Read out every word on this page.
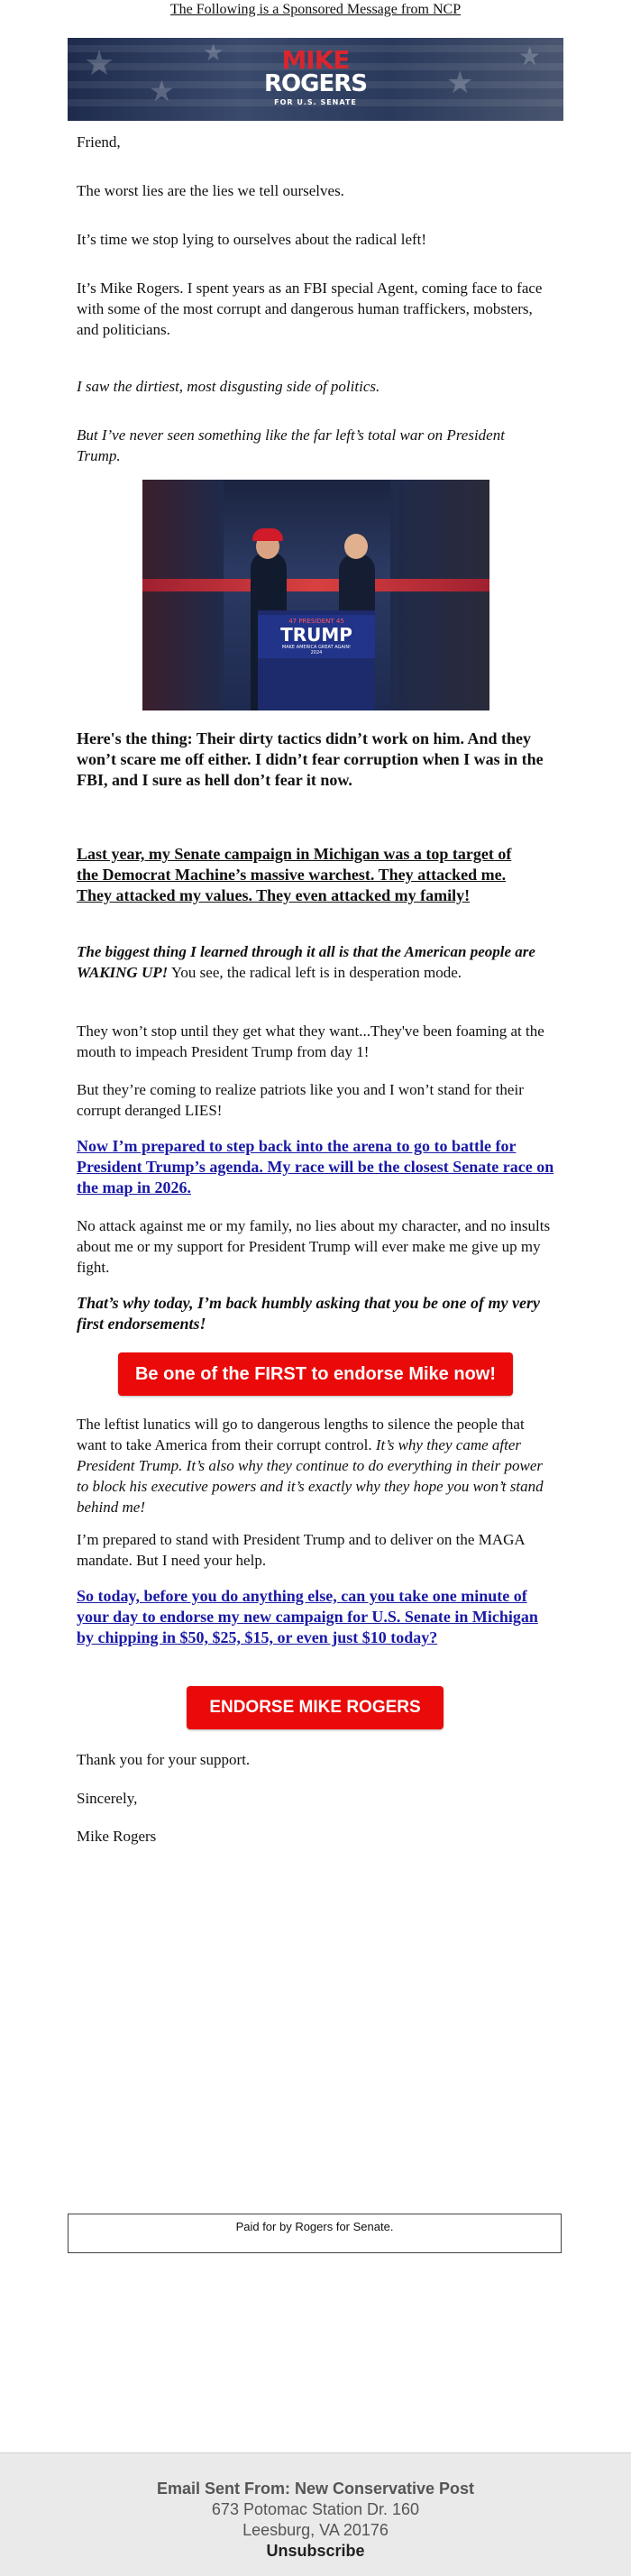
The Following is a Sponsored Message from NCP
★
★
★
★
★
MIKE
ROGERS
FOR U.S. SENATE

Friend,

The worst lies are the lies we tell ourselves.

It’s time we stop lying to ourselves about the radical left!

It’s Mike Rogers. I spent years as an FBI special Agent, coming face to face with some of the most corrupt and dangerous human traffickers, mobsters, and politicians.

I saw the dirtiest, most disgusting side of politics.

But I’ve never seen something like the far left’s total war on President Trump.

Here's the thing: Their dirty tactics didn’t work on him. And they won’t scare me off either. I didn’t fear corruption when I was in the FBI, and I sure as hell don’t fear it now.

Last year, my Senate campaign in Michigan was a top target of the Democrat Machine’s massive warchest. They attacked me. They attacked my values. They even attacked my family!

The biggest thing I learned through it all is that the American people are WAKING UP! You see, the radical left is in desperation mode.

They won’t stop until they get what they want...They've been foaming at the mouth to impeach President Trump from day 1!

But they’re coming to realize patriots like you and I won’t stand for their corrupt deranged LIES!

Now I’m prepared to step back into the arena to go to battle for President Trump’s agenda. My race will be the closest Senate race on the map in 2026.

No attack against me or my family, no lies about my character, and no insults about me or my support for President Trump will ever make me give up my fight.

That’s why today, I’m back humbly asking that you be one of my very first endorsements!

The leftist lunatics will go to dangerous lengths to silence the people that want to take America from their corrupt control. It’s why they came after President Trump. It’s also why they continue to do everything in their power to block his executive powers and it’s exactly why they hope you won’t stand behind me!

I’m prepared to stand with President Trump and to deliver on the MAGA mandate. But I need your help.

So today, before you do anything else, can you take one minute of your day to endorse my new campaign for U.S. Senate in Michigan by chipping in $50, $25, $15, or even just $10 today?

Thank you for your support.

Sincerely,

Mike Rogers

47 PRESIDENT 45
TRUMP
MAKE AMERICA GREAT AGAIN!
2024
Be one of the FIRST to endorse Mike now!
ENDORSE MIKE ROGERS
Paid for by Rogers for Senate.
Email Sent From: New Conservative Post
673 Potomac Station Dr. 160
Leesburg, VA 20176
Unsubscribe
